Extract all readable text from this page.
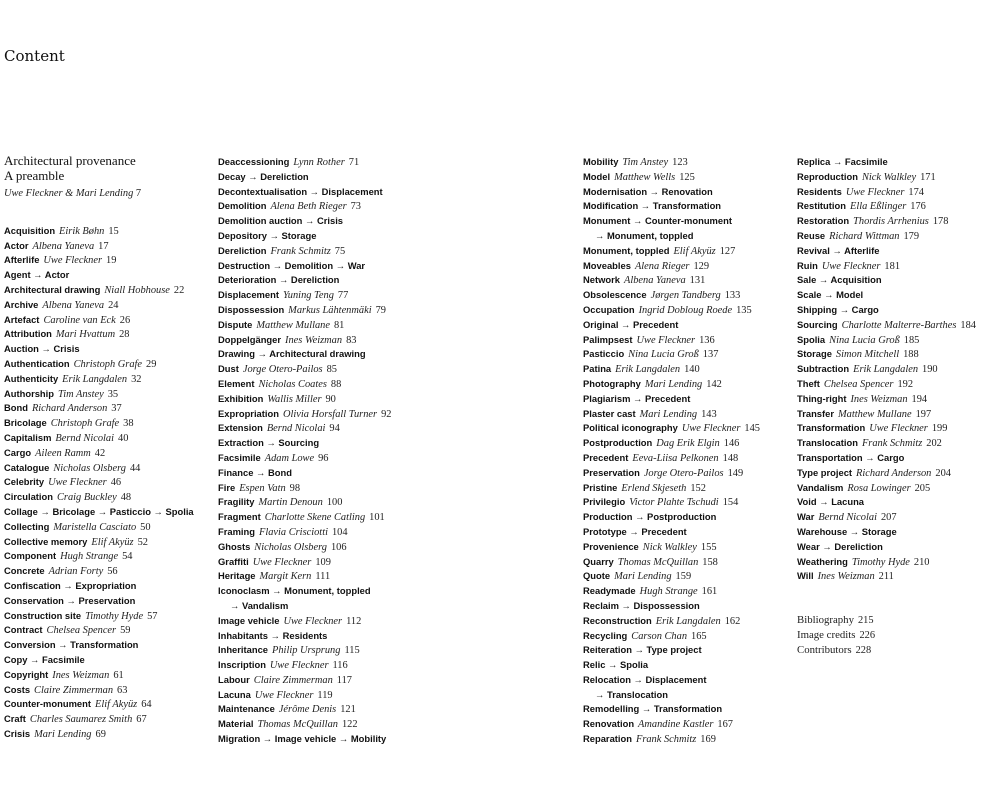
Content
Architectural provenance
A preamble
Uwe Fleckner & Mari Lending 7
Acquisition Eirik Bøhn 15
Actor Albena Yaneva 17
Afterlife Uwe Fleckner 19
Agent → Actor
Architectural drawing Niall Hobhouse 22
Archive Albena Yaneva 24
Artefact Caroline van Eck 26
Attribution Mari Hvattum 28
Auction → Crisis
Authentication Christoph Grafe 29
Authenticity Erik Langdalen 32
Authorship Tim Anstey 35
Bond Richard Anderson 37
Bricolage Christoph Grafe 38
Capitalism Bernd Nicolai 40
Cargo Aileen Ramm 42
Catalogue Nicholas Olsberg 44
Celebrity Uwe Fleckner 46
Circulation Craig Buckley 48
Collage → Bricolage → Pasticcio → Spolia
Collecting Maristella Casciato 50
Collective memory Elif Akyüz 52
Component Hugh Strange 54
Concrete Adrian Forty 56
Confiscation → Expropriation
Conservation → Preservation
Construction site Timothy Hyde 57
Contract Chelsea Spencer 59
Conversion → Transformation
Copy → Facsimile
Copyright Ines Weizman 61
Costs Claire Zimmerman 63
Counter-monument Elif Akyüz 64
Craft Charles Saumarez Smith 67
Crisis Mari Lending 69
Deaccessioning Lynn Rother 71
Decay → Dereliction
Decontextualisation → Displacement
Demolition Alena Beth Rieger 73
Demolition auction → Crisis
Depository → Storage
Dereliction Frank Schmitz 75
Destruction → Demolition → War
Deterioration → Dereliction
Displacement Yuning Teng 77
Dispossession Markus Lähtenmäki 79
Dispute Matthew Mullane 81
Doppelgänger Ines Weizman 83
Drawing → Architectural drawing
Dust Jorge Otero-Pailos 85
Element Nicholas Coates 88
Exhibition Wallis Miller 90
Expropriation Olivia Horsfall Turner 92
Extension Bernd Nicolai 94
Extraction → Sourcing
Facsimile Adam Lowe 96
Finance → Bond
Fire Espen Vatn 98
Fragility Martin Denoun 100
Fragment Charlotte Skene Catling 101
Framing Flavia Crisciotti 104
Ghosts Nicholas Olsberg 106
Graffiti Uwe Fleckner 109
Heritage Margit Kern 111
Iconoclasm → Monument, toppled
→ Vandalism
Image vehicle Uwe Fleckner 112
Inhabitants → Residents
Inheritance Philip Ursprung 115
Inscription Uwe Fleckner 116
Labour Claire Zimmerman 117
Lacuna Uwe Fleckner 119
Maintenance Jérôme Denis 121
Material Thomas McQuillan 122
Migration → Image vehicle → Mobility
Mobility Tim Anstey 123
Model Matthew Wells 125
Modernisation → Renovation
Modification → Transformation
Monument → Counter-monument
→ Monument, toppled
Monument, toppled Elif Akyüz 127
Moveables Alena Rieger 129
Network Albena Yaneva 131
Obsolescence Jørgen Tandberg 133
Occupation Ingrid Dobloug Roede 135
Original → Precedent
Palimpsest Uwe Fleckner 136
Pasticcio Nina Lucia Groß 137
Patina Erik Langdalen 140
Photography Mari Lending 142
Plagiarism → Precedent
Plaster cast Mari Lending 143
Political iconography Uwe Fleckner 145
Postproduction Dag Erik Elgin 146
Precedent Eeva-Liisa Pelkonen 148
Preservation Jorge Otero-Pailos 149
Pristine Erlend Skjeseth 152
Privilegio Victor Plahte Tschudi 154
Production → Postproduction
Prototype → Precedent
Provenience Nick Walkley 155
Quarry Thomas McQuillan 158
Quote Mari Lending 159
Readymade Hugh Strange 161
Reclaim → Dispossession
Reconstruction Erik Langdalen 162
Recycling Carson Chan 165
Reiteration → Type project
Relic → Spolia
Relocation → Displacement
→ Translocation
Remodelling → Transformation
Renovation Amandine Kastler 167
Reparation Frank Schmitz 169
Replica → Facsimile
Reproduction Nick Walkley 171
Residents Uwe Fleckner 174
Restitution Ella Eßlinger 176
Restoration Thordis Arrhenius 178
Reuse Richard Wittman 179
Revival → Afterlife
Ruin Uwe Fleckner 181
Sale → Acquisition
Scale → Model
Shipping → Cargo
Sourcing Charlotte Malterre-Barthes 184
Spolia Nina Lucia Groß 185
Storage Simon Mitchell 188
Subtraction Erik Langdalen 190
Theft Chelsea Spencer 192
Thing-right Ines Weizman 194
Transfer Matthew Mullane 197
Transformation Uwe Fleckner 199
Translocation Frank Schmitz 202
Transportation → Cargo
Type project Richard Anderson 204
Vandalism Rosa Lowinger 205
Void → Lacuna
War Bernd Nicolai 207
Warehouse → Storage
Wear → Dereliction
Weathering Timothy Hyde 210
Will Ines Weizman 211
Bibliography 215
Image credits 226
Contributors 228
